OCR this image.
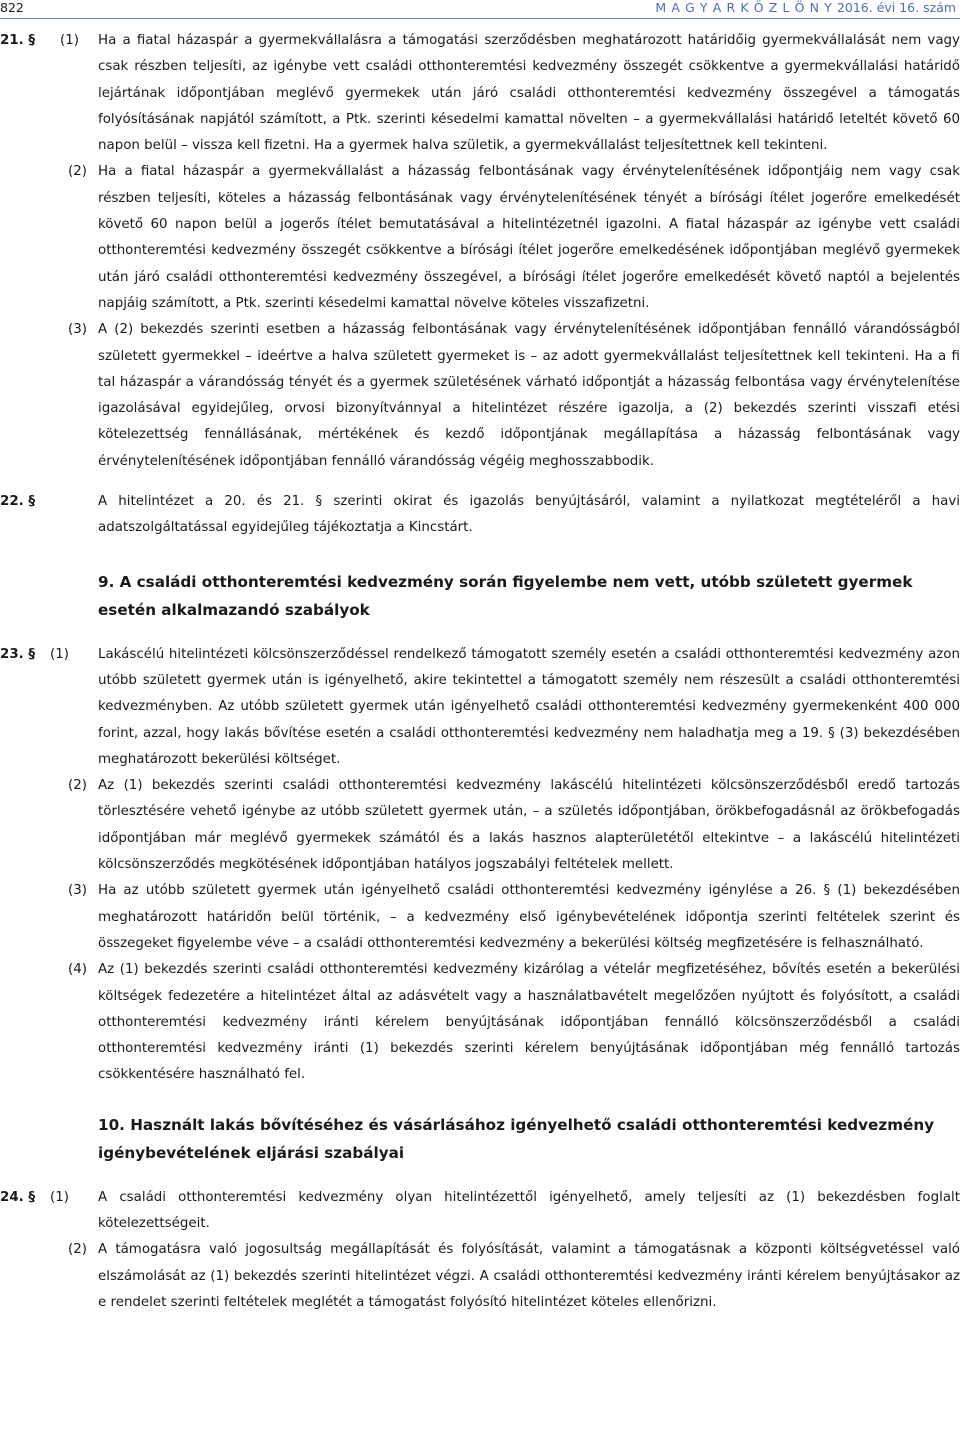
822	M A G Y A R K Ö Z L Ö N Y 2016. évi 16. szám
21. § (1) Ha a fiatal házaspár a gyermekvállalásra a támogatási szerződésben meghatározott határidőig gyermekvállalását nem vagy csak részben teljesíti, az igénybe vett családi otthonteremtési kedvezmény összegét csökkentve a gyermekvállalási határidő lejártának időpontjában meglévő gyermekek után járó családi otthonteremtési kedvezmény összegével a támogatás folyósításának napjától számított, a Ptk. szerinti késedelmi kamattal növelten – a gyermekvállalási határidő leteltét követő 60 napon belül – vissza kell fizetni. Ha a gyermek halva születik, a gyermekvállalást teljesítettnek kell tekinteni.
(2) Ha a fiatal házaspár a gyermekvállalást a házasság felbontásának vagy érvénytelenítésének időpontjáig nem vagy csak részben teljesíti, köteles a házasság felbontásának vagy érvénytelenítésének tényét a bírósági ítélet jogerőre emelkedését követő 60 napon belül a jogerős ítélet bemutatásával a hitelintézetnél igazolni. A fiatal házaspár az igénybe vett családi otthonteremtési kedvezmény összegét csökkentve a bírósági ítélet jogerőre emelkedésének időpontjában meglévő gyermekek után járó családi otthonteremtési kedvezmény összegével, a bírósági ítélet jogerőre emelkedését követő naptól a bejelentés napjáig számított, a Ptk. szerinti késedelmi kamattal növelve köteles visszafizetni.
(3) A (2) bekezdés szerinti esetben a házasság felbontásának vagy érvénytelenítésének időpontjában fennálló várandósságból született gyermekkel – ideértve a halva született gyermeket is – az adott gyermekvállalást teljesítettnek kell tekinteni. Ha a fi tal házaspár a várandósság tényét és a gyermek születésének várható időpontját a házasság felbontása vagy érvénytelenítése igazolásával egyidejűleg, orvosi bizonyítvánnyal a hitelintézet részére igazolja, a (2) bekezdés szerinti visszafi etési kötelezettség fennállásának, mértékének és kezdő időpontjának megállapítása a házasság felbontásának vagy érvénytelenítésének időpontjában fennálló várandósság végéig meghosszabbodik.
22. §	A hitelintézet a 20. és 21. § szerinti okirat és igazolás benyújtásáról, valamint a nyilatkozat megtételéről a havi adatszolgáltatással egyidejűleg tájékoztatja a Kincstárt.
9. A családi otthonteremtési kedvezmény során figyelembe nem vett, utóbb született gyermek esetén alkalmazandó szabályok
23. § (1) Lakáscélú hitelintézeti kölcsönszerződéssel rendelkező támogatott személy esetén a családi otthonteremtési kedvezmény azon utóbb született gyermek után is igényelhető, akire tekintettel a támogatott személy nem részesült a családi otthonteremtési kedvezményben. Az utóbb született gyermek után igényelhető családi otthonteremtési kedvezmény gyermekenként 400 000 forint, azzal, hogy lakás bővítése esetén a családi otthonteremtési kedvezmény nem haladhatja meg a 19. § (3) bekezdésében meghatározott bekerülési költséget.
(2) Az (1) bekezdés szerinti családi otthonteremtési kedvezmény lakáscélú hitelintézeti kölcsönszerződésből eredő tartozás törlesztésére vehető igénybe az utóbb született gyermek után, – a születés időpontjában, örökbefogadásnál az örökbefogadás időpontjában már meglévő gyermekek számától és a lakás hasznos alapterületétől eltekintve – a lakáscélú hitelintézeti kölcsönszerződés megkötésének időpontjában hatályos jogszabályi feltételek mellett.
(3) Ha az utóbb született gyermek után igényelhető családi otthonteremtési kedvezmény igénylése a 26. § (1) bekezdésében meghatározott határidőn belül történik, – a kedvezmény első igénybevételének időpontja szerinti feltételek szerint és összegeket figyelembe véve – a családi otthonteremtési kedvezmény a bekerülési költség megfizetésére is felhasználható.
(4) Az (1) bekezdés szerinti családi otthonteremtési kedvezmény kizárólag a vételár megfizetéséhez, bővítés esetén a bekerülési költségek fedezetére a hitelintézet által az adásvételt vagy a használatbavételt megelőzően nyújtott és folyósított, a családi otthonteremtési kedvezmény iránti kérelem benyújtásának időpontjában fennálló kölcsönszerződésből a családi otthonteremtési kedvezmény iránti (1) bekezdés szerinti kérelem benyújtásának időpontjában még fennálló tartozás csökkentésére használható fel.
10. Használt lakás bővítéséhez és vásárlásához igényelhető családi otthonteremtési kedvezmény igénybevételének eljárási szabályai
24. § (1) A családi otthonteremtési kedvezmény olyan hitelintézettől igényelhető, amely teljesíti az (1) bekezdésben foglalt kötelezettségeit.
(2) A támogatásra való jogosultság megállapítását és folyósítását, valamint a támogatásnak a központi költségvetéssel való elszámolását az (1) bekezdés szerinti hitelintézet végzi. A családi otthonteremtési kedvezmény iránti kérelem benyújtásakor az e rendelet szerinti feltételek meglétét a támogatást folyósító hitelintézet köteles ellenőrizni.
